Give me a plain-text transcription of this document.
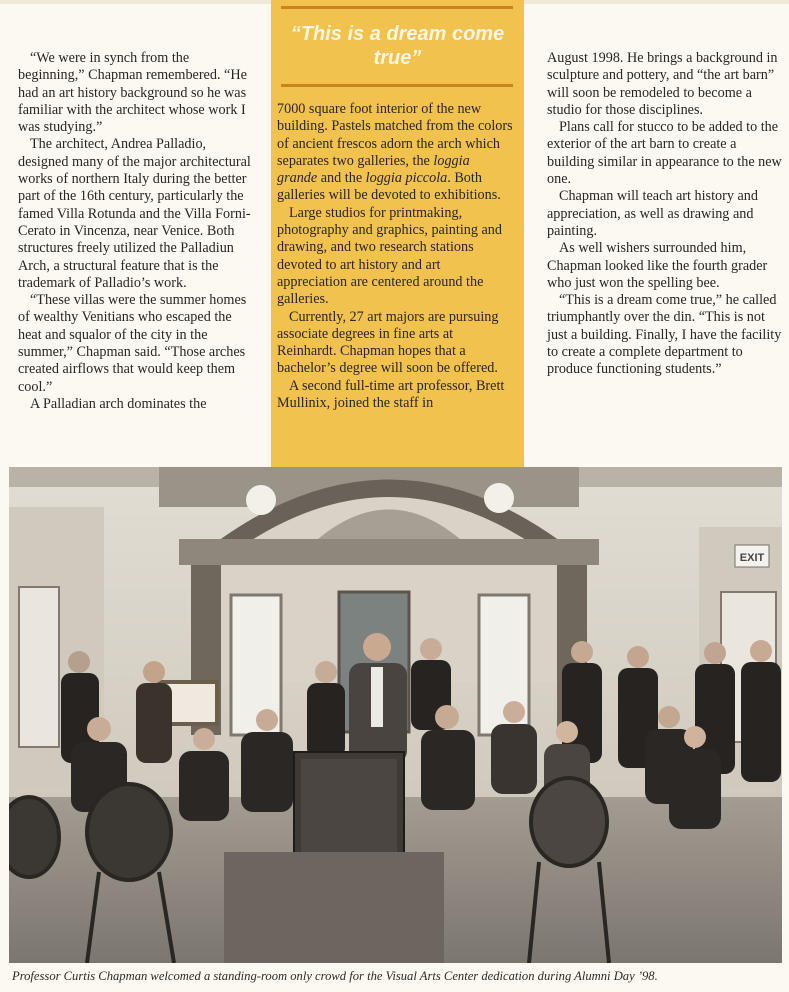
“This is a dream come true”

“We were in synch from the beginning,” Chapman remembered. “He had an art history background so he was familiar with the architect whose work I was studying.”

The architect, Andrea Palladio, designed many of the major architectural works of northern Italy during the better part of the 16th century, particularly the famed Villa Rotunda and the Villa Forni-Cerato in Vincenza, near Venice. Both structures freely utilized the Palladiun Arch, a structural feature that is the trademark of Palladio’s work.

“These villas were the summer homes of wealthy Venitians who escaped the heat and squalor of the city in the summer,” Chapman said. “Those arches created airflows that would keep them cool.”

A Palladian arch dominates the

7000 square foot interior of the new building. Pastels matched from the colors of ancient frescos adorn the arch which separates two galleries, the loggia grande and the loggia piccola. Both galleries will be devoted to exhibitions.

Large studios for printmaking, photography and graphics, painting and drawing, and two research stations devoted to art history and art appreciation are centered around the galleries.

Currently, 27 art majors are pursuing associate degrees in fine arts at Reinhardt. Chapman hopes that a bachelor’s degree will soon be offered.

A second full-time art professor, Brett Mullinix, joined the staff in

August 1998. He brings a background in sculpture and pottery, and “the art barn” will soon be remodeled to become a studio for those disciplines.

Plans call for stucco to be added to the exterior of the art barn to create a building similar in appearance to the new one.

Chapman will teach art history and appreciation, as well as drawing and painting.

As well wishers surrounded him, Chapman looked like the fourth grader who just won the spelling bee.

“This is a dream come true,” he called triumphantly over the din. “This is not just a building. Finally, I have the facility to create a complete department to produce functioning students.”

EXIT
Professor Curtis Chapman welcomed a standing-room only crowd for the Visual Arts Center dedication during Alumni Day ’98.
